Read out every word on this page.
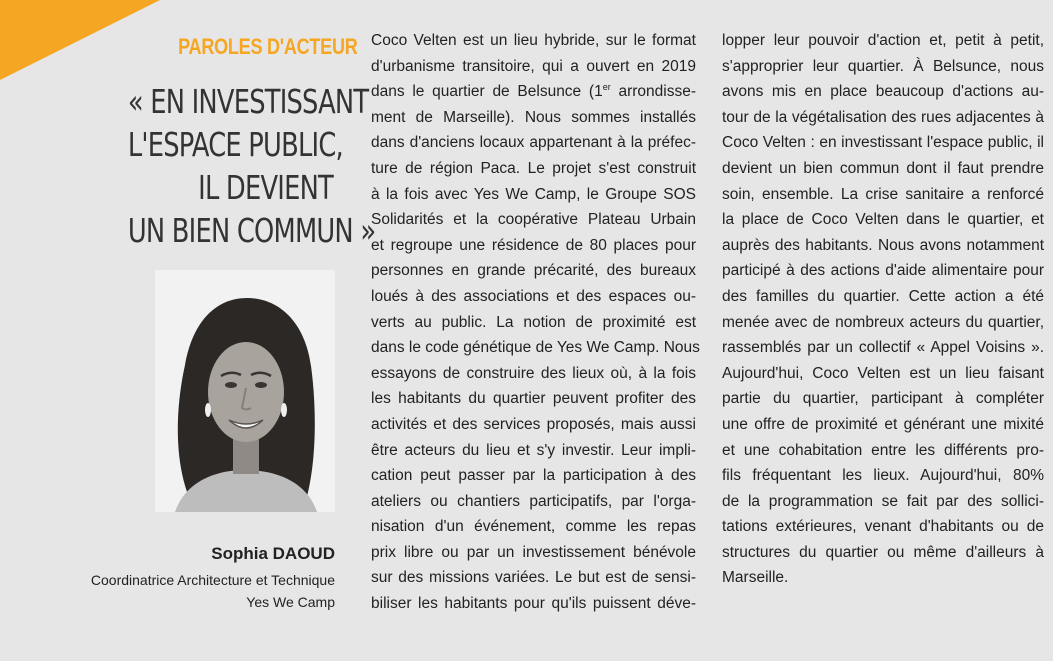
PAROLES D'ACTEUR
« EN INVESTISSANT
L'ESPACE PUBLIC,
IL DEVIENT
UN BIEN COMMUN »
Sophia DAOUD
Coordinatrice Architecture et Technique
Yes We Camp
Coco Velten est un lieu hybride, sur le format
d'urbanisme transitoire, qui a ouvert en 2019
dans le quartier de Belsunce (1er arrondisse-
ment de Marseille). Nous sommes installés
dans d'anciens locaux appartenant à la préfec-
ture de région Paca. Le projet s'est construit
à la fois avec Yes We Camp, le Groupe SOS
Solidarités et la coopérative Plateau Urbain
et regroupe une résidence de 80 places pour
personnes en grande précarité, des bureaux
loués à des associations et des espaces ou-
verts au public. La notion de proximité est
dans le code génétique de Yes We Camp. Nous
essayons de construire des lieux où, à la fois
les habitants du quartier peuvent profiter des
activités et des services proposés, mais aussi
être acteurs du lieu et s'y investir. Leur impli-
cation peut passer par la participation à des
ateliers ou chantiers participatifs, par l'orga-
nisation d'un événement, comme les repas
prix libre ou par un investissement bénévole
sur des missions variées. Le but est de sensi-
biliser les habitants pour qu'ils puissent déve-
lopper leur pouvoir d'action et, petit à petit,
s'approprier leur quartier. À Belsunce, nous
avons mis en place beaucoup d'actions au-
tour de la végétalisation des rues adjacentes à
Coco Velten : en investissant l'espace public, il
devient un bien commun dont il faut prendre
soin, ensemble. La crise sanitaire a renforcé
la place de Coco Velten dans le quartier, et
auprès des habitants. Nous avons notamment
participé à des actions d'aide alimentaire pour
des familles du quartier. Cette action a été
menée avec de nombreux acteurs du quartier,
rassemblés par un collectif « Appel Voisins ».
Aujourd'hui, Coco Velten est un lieu faisant
partie du quartier, participant à compléter
une offre de proximité et générant une mixité
et une cohabitation entre les différents pro-
fils fréquentant les lieux. Aujourd'hui, 80%
de la programmation se fait par des sollici-
tations extérieures, venant d'habitants ou de
structures du quartier ou même d'ailleurs à
Marseille.
